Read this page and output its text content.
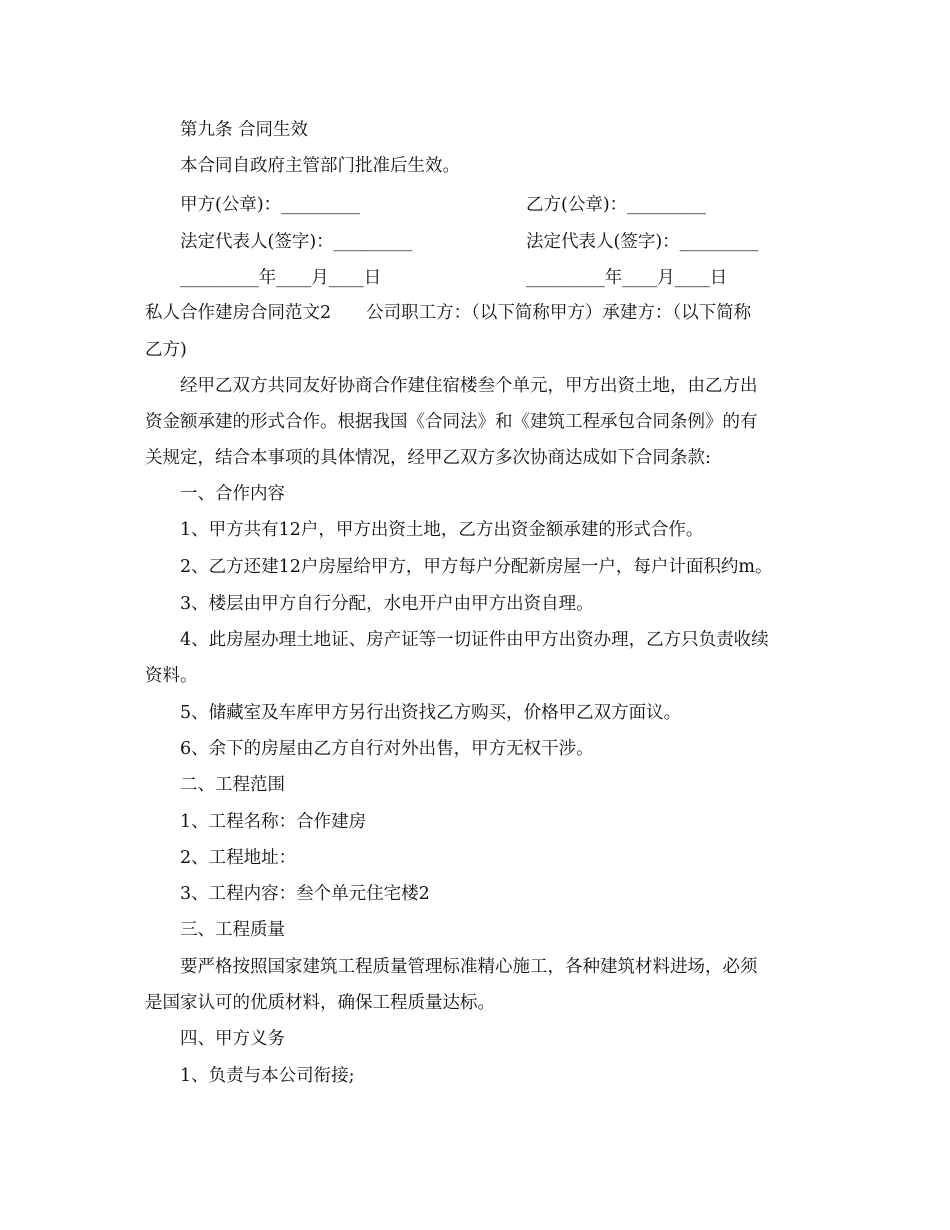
第九条 合同生效
本合同自政府主管部门批准后生效。
甲方(公章)：_________	乙方(公章)：_________
法定代表人(签字)：_________	法定代表人(签字)：_________
_________年____月____日	_________年____月____日
私人合作建房合同范文2　　公司职工方：（以下简称甲方）承建方：（以下简称
乙方)
经甲乙双方共同友好协商合作建住宿楼叁个单元，甲方出资土地，由乙方出
资金额承建的形式合作。根据我国《合同法》和《建筑工程承包合同条例》的有
关规定，结合本事项的具体情况，经甲乙双方多次协商达成如下合同条款:
一、合作内容
1、甲方共有12户，甲方出资土地，乙方出资金额承建的形式合作。
2、乙方还建12户房屋给甲方，甲方每户分配新房屋一户，每户计面积约m。
3、楼层由甲方自行分配，水电开户由甲方出资自理。
4、此房屋办理土地证、房产证等一切证件由甲方出资办理，乙方只负责收续
资料。
5、储藏室及车库甲方另行出资找乙方购买，价格甲乙双方面议。
6、余下的房屋由乙方自行对外出售，甲方无权干涉。
二、工程范围
1、工程名称：合作建房
2、工程地址：
3、工程内容：叁个单元住宅楼2
三、工程质量
要严格按照国家建筑工程质量管理标准精心施工，各种建筑材料进场，必须
是国家认可的优质材料，确保工程质量达标。
四、甲方义务
1、负责与本公司衔接;
